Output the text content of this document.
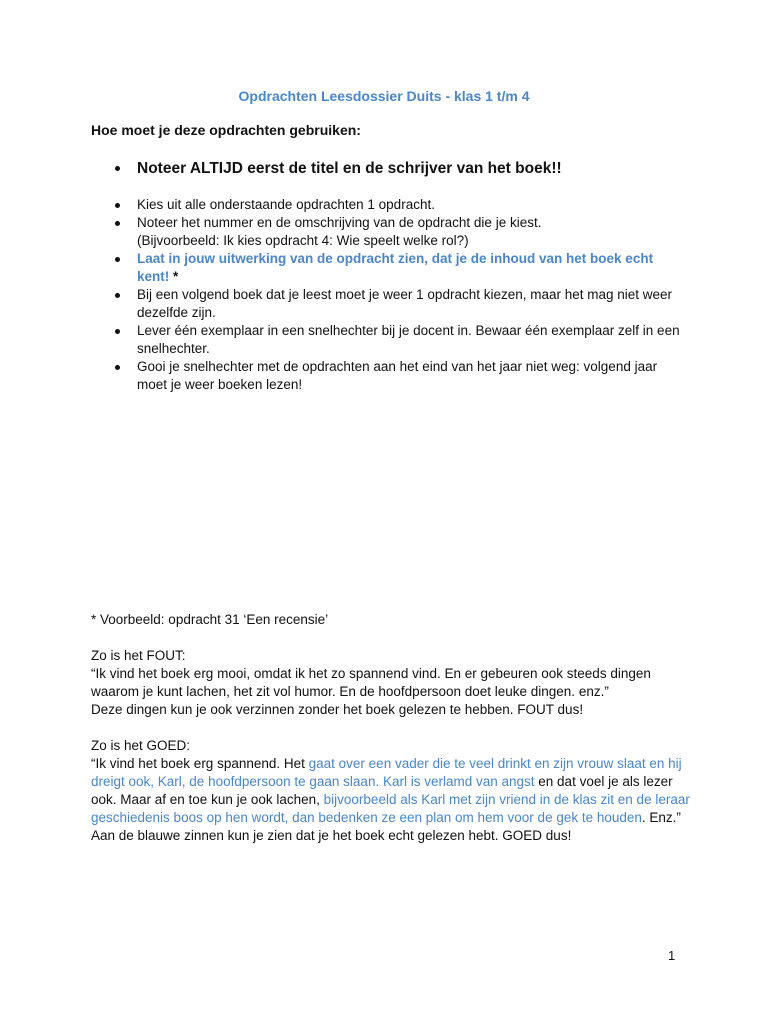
Opdrachten Leesdossier Duits - klas 1 t/m 4
Hoe moet je deze opdrachten gebruiken:
Noteer ALTIJD eerst de titel en de schrijver van het boek!!
Kies uit alle onderstaande opdrachten 1 opdracht.
Noteer het nummer en de omschrijving van de opdracht die je kiest.
(Bijvoorbeeld: Ik kies opdracht 4: Wie speelt welke rol?)
Laat in jouw uitwerking van de opdracht zien, dat je de inhoud van het boek echt kent! *
Bij een volgend boek dat je leest moet je weer 1 opdracht kiezen, maar het mag niet weer dezelfde zijn.
Lever één exemplaar in een snelhechter bij je docent in. Bewaar één exemplaar zelf in een snelhechter.
Gooi je snelhechter met de opdrachten aan het eind van het jaar niet weg: volgend jaar moet je weer boeken lezen!

* Voorbeeld: opdracht 31 ‘Een recensie’

Zo is het FOUT:
“Ik vind het boek erg mooi, omdat ik het zo spannend vind. En er gebeuren ook steeds dingen waarom je kunt lachen, het zit vol humor. En de hoofdpersoon doet leuke dingen. enz.”
Deze dingen kun je ook verzinnen zonder het boek gelezen te hebben. FOUT dus!

Zo is het GOED:
“Ik vind het boek erg spannend. Het gaat over een vader die te veel drinkt en zijn vrouw slaat en hij dreigt ook, Karl, de hoofdpersoon te gaan slaan. Karl is verlamd van angst en dat voel je als lezer ook. Maar af en toe kun je ook lachen, bijvoorbeeld als Karl met zijn vriend in de klas zit en de leraar geschiedenis boos op hen wordt, dan bedenken ze een plan om hem voor de gek te houden. Enz.”
Aan de blauwe zinnen kun je zien dat je het boek echt gelezen hebt. GOED dus!

1
